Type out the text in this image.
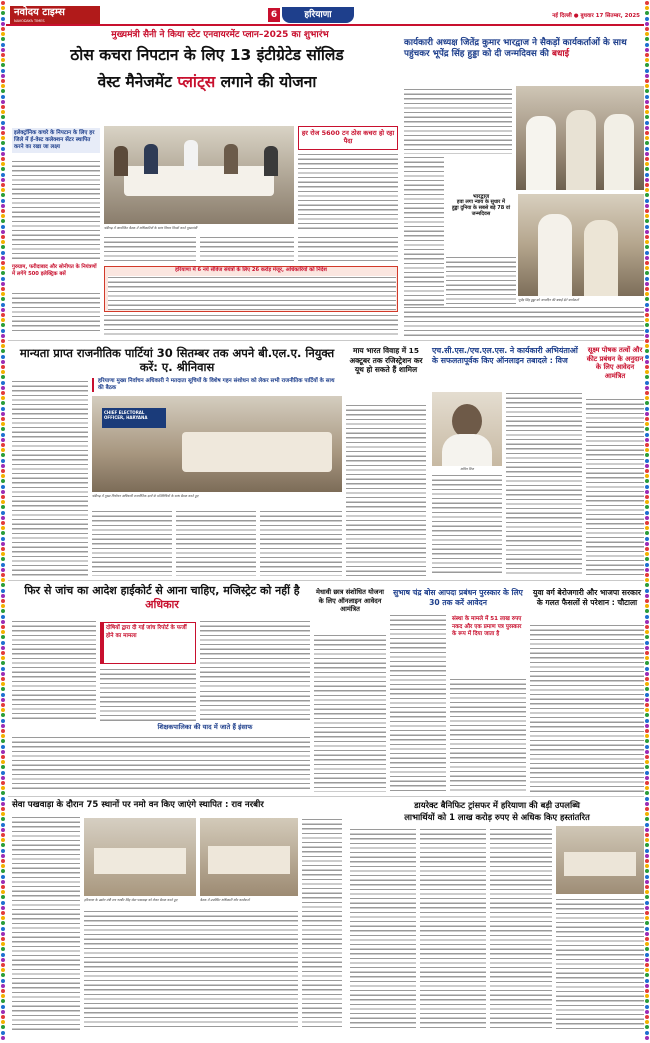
नवोदय टाइम्स
NAVODAYA TIMES
6	हरियाणा	नई दिल्ली ● बुधवार 17 सितम्बर, 2025
मुख्यमंत्री सैनी ने किया स्टेट एनवायरमेंट प्लान–2025 का शुभारंभ
ठोस कचरा निपटान के लिए 13 इंटीग्रेटेड सॉलिड
वेस्ट मैनेजमेंट प्लांट्स लगाने की योजना
इलेक्ट्रॉनिक कचरे के निपटान के लिए हर जिले में ई-वेस्ट कलेक्शन सेंटर स्थापित करने का रखा जा लक्ष्य
गुरुग्राम, फरीदाबाद और सोनीपत के नियंत्रणों में लगेंगे 500 इलेक्ट्रिक बसें
चंडीगढ़ में आयोजित बैठक में अधिकारियों के साथ विचार विमर्श करते मुख्यमंत्री
हर रोज 5600 टन ठोस कचरा हो रहा पैदा
हरियाणा में 6 नये सीवेज संयंत्रों के लिए 26 करोड़ मंजूर, अधिकारियों को निर्देश
कार्यकारी अध्यक्ष जितेंद्र कुमार भारद्वाज ने सैकड़ों कार्यकर्ताओं के साथ पहुंचकर भूपेंद्र सिंह हुड्डा को दी जन्मदिवस की बधाई
भारद्वाज
हवा लगा न्याय के सुधार में
हुड्डा दुनिया के सबसे बड़े 78 वां जन्मदिवस
भूपेंद्र सिंह हुड्डा को जन्मदिन की बधाई देते कार्यकर्ता
मान्यता प्राप्त राजनीतिक पार्टियां 30 सितम्बर तक अपने बी.एल.ए. नियुक्त करें: ए. श्रीनिवास
हरियाणा मुख्य निर्वाचन अधिकारी ने मतदाता सूचियों के विशेष गहन संशोधन को लेकर सभी राजनीतिक पार्टियों के साथ की बैठक
CHIEF ELECTORAL OFFICER, HARYANA
चंडीगढ़ में मुख्य निर्वाचन अधिकारी राजनीतिक दलों के प्रतिनिधियों के साथ बैठक करते हुए
माय भारत विवाह में 15 अक्टूबर तक रजिस्ट्रेशन कर यूथ हो सकते हैं शामिल
एच.सी.एस./एच.एल.एस. ने कार्यकारी अभियंताओं के सफलतापूर्वक किए ऑनलाइन तबादले : विज
अनिल विज
सूक्ष्म पोषक तत्वों और कीट प्रबंधन के अनुदान के लिए आवेदन आमंत्रित
फिर से जांच का आदेश हाईकोर्ट से आना चाहिए, मजिस्ट्रेट को नहीं है अधिकार
दोषियों द्वारा दी गई जांच रिपोर्ट के फर्जी होने का मामला
शिक्षकपालिका की याद में जाते हैं इंसाफ
मेधावी छात्र संशोधित योजना के लिए ऑनलाइन आवेदन आमंत्रित
सुभाष चंद्र बोस आपदा प्रबंधन पुरस्कार के लिए 30 तक करें आवेदन
संस्था के मामले में 51 लाख रुपए नकद और एक प्रमाण पत्र पुरस्कार के रूप में दिया जाता है
युवा वर्ग बेरोजगारी और भाजपा सरकार के गलत फैसलों से परेशान : चौटाला
सेवा पखवाड़ा के दौरान 75 स्थानों पर नमो वन किए जाएंगे स्थापित : राव नरबीर
हरियाणा के उद्योग मंत्री राव नरबीर सिंह सेवा पखवाड़ा को लेकर बैठक करते हुए	बैठक में उपस्थित अधिकारी और कार्यकर्ता
डायरेक्ट बैनिफिट ट्रांसफर में हरियाणा की बड़ी उपलब्धि
लाभार्थियों को 1 लाख करोड़ रुपए से अधिक किए हस्तांतरित
